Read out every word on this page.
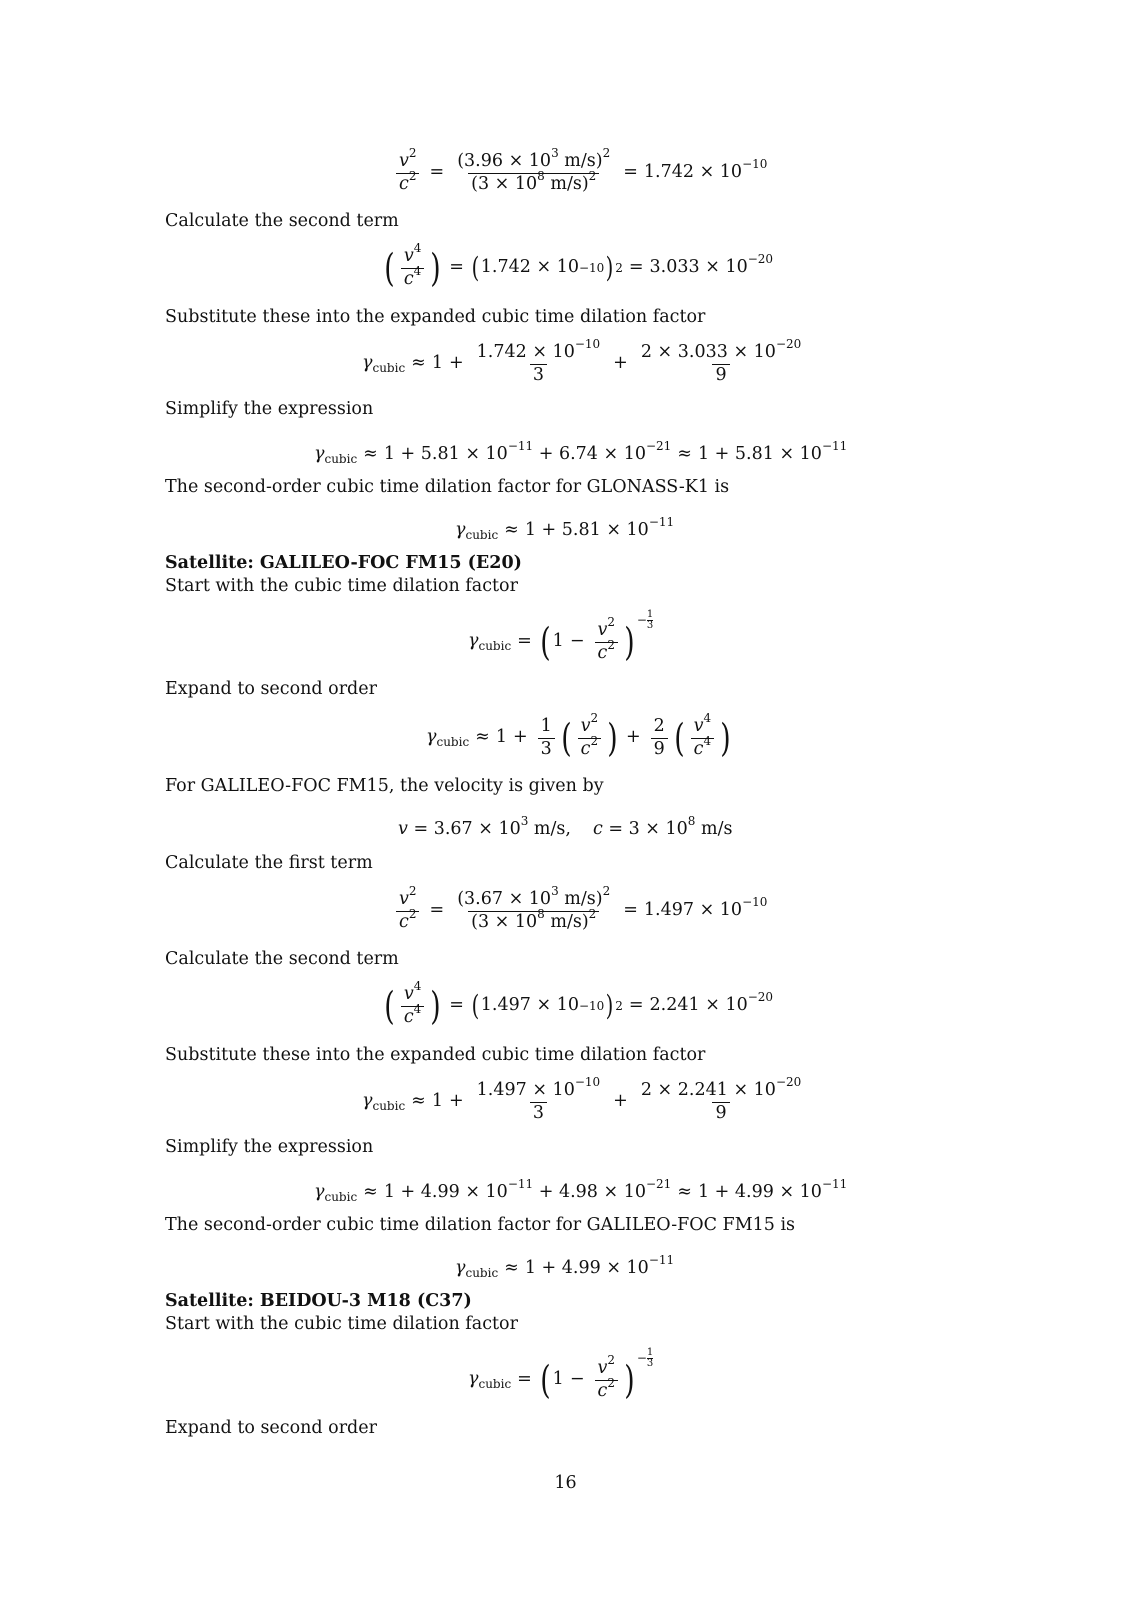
$\frac{v^2}{c^2} = \frac{(3.96 \times 10^3 m/s)^2}{(3 \times 10^8 m/s)^2} = 1.742 \times 10^{-10}$
Calculate the second term
( $\frac{v^4}{c^4}$ ) = ( 1.742 × 10 −10 ) $2 = 3.033 \times 10^{-20}$
Substitute these into the expanded cubic time dilation factor
$\gamma_{cubic} \approx 1 + \frac{1.742 \times 10^{-10}}{3} + \frac{2 \times 3.033 \times 10^{-20}}{9}$
Simplify the expression
$\gamma_{cubic} \approx 1 + 5.81 \times 10^{-11} + 6.74 \times 10^{-21} \approx 1 + 5.81 \times 10^{-11}$
The second-order cubic time dilation factor for GLONASS-K1 is
$\gamma_{cubic} \approx 1 + 5.81 \times 10^{-11}$
Satellite: GALILEO-FOC FM15 (E20)
Start with the cubic time dilation factor
$\gamma_{cubic}$ = ( $1 - \frac{v^2}{c^2}$ )
− $\frac{1}{3}$
Expand to second order
$\gamma_{cubic} \approx 1 + \frac{1}{3}$ ( $\frac{v^2}{c^2}$ ) + $\frac{2}{9}$ ( $\frac{v^4}{c^4}$ )
For GALILEO-FOC FM15, the velocity is given by
$v = 3.67 \times 10^3$ m/s, $c = 3 \times 10^8$ m/s
Calculate the first term
$\frac{v^2}{c^2} = \frac{(3.67 \times 10^3 m/s)^2}{(3 \times 10^8 m/s)^2} = 1.497 \times 10^{-10}$
Calculate the second term
( $\frac{v^4}{c^4}$ ) = ( 1.497 × 10 −10 ) $2 = 2.241 \times 10^{-20}$
Substitute these into the expanded cubic time dilation factor
$\gamma_{cubic} \approx 1 + \frac{1.497 \times 10^{-10}}{3} + \frac{2 \times 2.241 \times 10^{-20}}{9}$
Simplify the expression
$\gamma_{cubic} \approx 1 + 4.99 \times 10^{-11} + 4.98 \times 10^{-21} \approx 1 + 4.99 \times 10^{-11}$
The second-order cubic time dilation factor for GALILEO-FOC FM15 is
$\gamma_{cubic} \approx 1 + 4.99 \times 10^{-11}$
Satellite: BEIDOU-3 M18 (C37)
Start with the cubic time dilation factor
$\gamma_{cubic}$ = ( $1 - \frac{v^2}{c^2}$ )
− $\frac{1}{3}$
Expand to second order
16
